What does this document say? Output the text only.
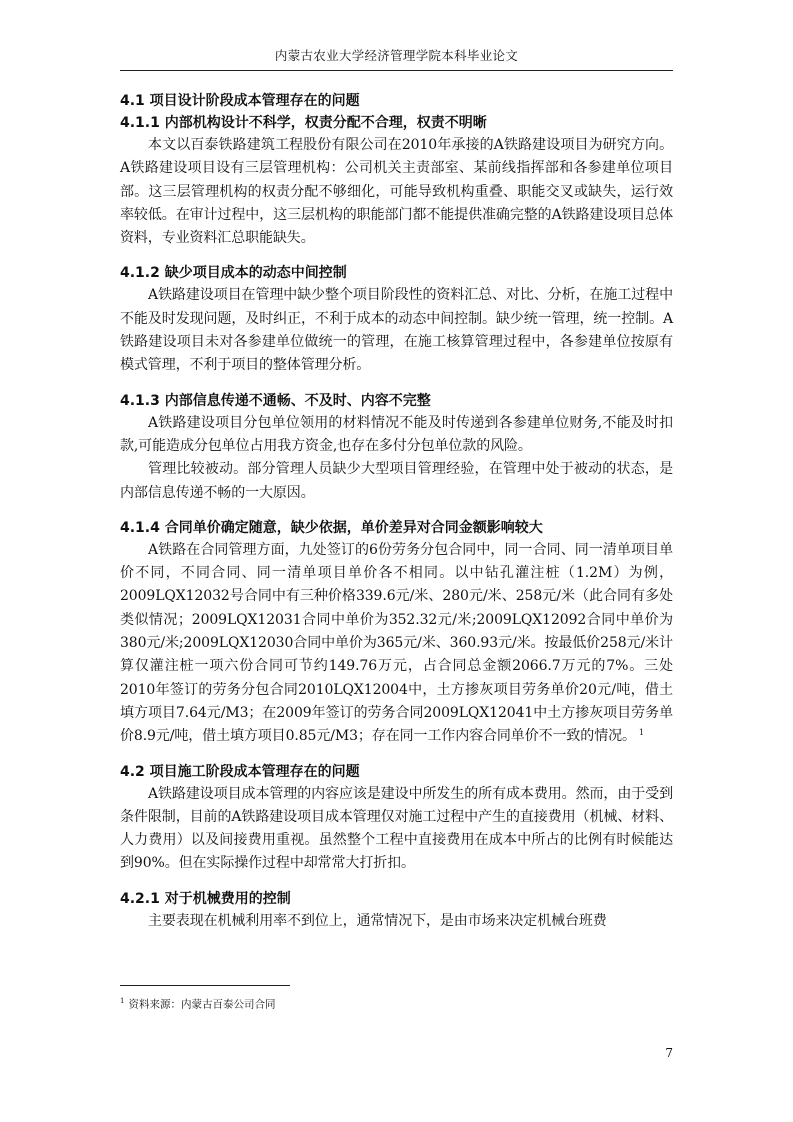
内蒙古农业大学经济管理学院本科毕业论文

4.1 项目设计阶段成本管理存在的问题

4.1.1 内部机构设计不科学，权责分配不合理，权责不明晰

本文以百泰铁路建筑工程股份有限公司在2010年承接的A铁路建设项目为研究方向。A铁路建设项目设有三层管理机构：公司机关主责部室、某前线指挥部和各参建单位项目部。这三层管理机构的权责分配不够细化，可能导致机构重叠、职能交叉或缺失，运行效率较低。在审计过程中，这三层机构的职能部门都不能提供准确完整的A铁路建设项目总体资料，专业资料汇总职能缺失。

4.1.2 缺少项目成本的动态中间控制

A铁路建设项目在管理中缺少整个项目阶段性的资料汇总、对比、分析，在施工过程中不能及时发现问题，及时纠正，不利于成本的动态中间控制。缺少统一管理，统一控制。A铁路建设项目未对各参建单位做统一的管理，在施工核算管理过程中，各参建单位按原有模式管理，不利于项目的整体管理分析。

4.1.3 内部信息传递不通畅、不及时、内容不完整

A铁路建设项目分包单位领用的材料情况不能及时传递到各参建单位财务,不能及时扣款,可能造成分包单位占用我方资金,也存在多付分包单位款的风险。

管理比较被动。部分管理人员缺少大型项目管理经验，在管理中处于被动的状态，是内部信息传递不畅的一大原因。

4.1.4 合同单价确定随意，缺少依据，单价差异对合同金额影响较大

A铁路在合同管理方面，九处签订的6份劳务分包合同中，同一合同、同一清单项目单价不同，不同合同、同一清单项目单价各不相同。以中钻孔灌注桩（1.2M）为例，2009LQX12032号合同中有三种价格339.6元/米、280元/米、258元/米（此合同有多处类似情况；2009LQX12031合同中单价为352.32元/米;2009LQX12092合同中单价为380元/米;2009LQX12030合同中单价为365元/米、360.93元/米。按最低价258元/米计算仅灌注桩一项六份合同可节约149.76万元，占合同总金额2066.7万元的7%。三处2010年签订的劳务分包合同2010LQX12004中，土方掺灰项目劳务单价20元/吨，借土填方项目7.64元/M3；在2009年签订的劳务合同2009LQX12041中土方掺灰项目劳务单价8.9元/吨，借土填方项目0.85元/M3；存在同一工作内容合同单价不一致的情况。 $^1$

4.2 项目施工阶段成本管理存在的问题

A铁路建设项目成本管理的内容应该是建设中所发生的所有成本费用。然而，由于受到条件限制，目前的A铁路建设项目成本管理仅对施工过程中产生的直接费用（机械、材料、人力费用）以及间接费用重视。虽然整个工程中直接费用在成本中所占的比例有时候能达到90%。但在实际操作过程中却常常大打折扣。

4.2.1 对于机械费用的控制

主要表现在机械利用率不到位上，通常情况下，是由市场来决定机械台班费

$^1$ 资料来源：内蒙古百泰公司合同
7
